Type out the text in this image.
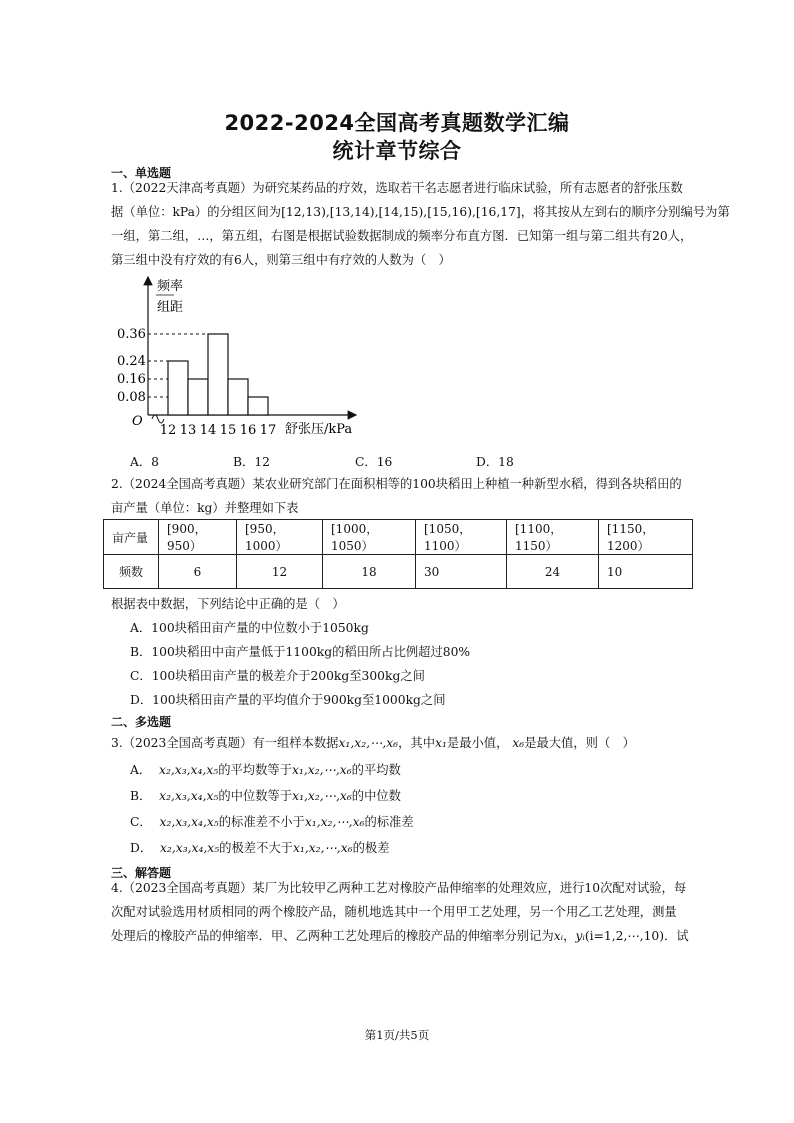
2022-2024全国高考真题数学汇编
统计章节综合
一、单选题
1.（2022天津高考真题）为研究某药品的疗效，选取若干名志愿者进行临床试验，所有志愿者的舒张压数
据（单位：kPa）的分组区间为[12,13),[13,14),[14,15),[15,16),[16,17]，将其按从左到右的顺序分别编号为第
一组，第二组，…，第五组，右图是根据试验数据制成的频率分布直方图．已知第一组与第二组共有20人，
第三组中没有疗效的有6人，则第三组中有疗效的人数为（　）
0.36
0.24
0.16
0.08
12 13 14 15 16 17
频率
组距
O
舒张压/kPa
A．8	B．12	C．16	D．18
2.（2024全国高考真题）某农业研究部门在面积相等的100块稻田上种植一种新型水稻，得到各块稻田的
亩产量（单位：kg）并整理如下表
亩产量	[900，950）	[950，1000）	[1000，1050）	[1050，1100）	[1100，1150）	[1150，1200）
频数	6	12	18	30	24	10
根据表中数据，下列结论中正确的是（　）
A．100块稻田亩产量的中位数小于1050kg
B．100块稻田中亩产量低于1100kg的稻田所占比例超过80%
C．100块稻田亩产量的极差介于200kg至300kg之间
D．100块稻田亩产量的平均值介于900kg至1000kg之间
二、多选题
3.（2023全国高考真题）有一组样本数据x₁,x₂,⋯,x₆，其中x₁是最小值， x₆是最大值，则（　）
A． x₂,x₃,x₄,x₅的平均数等于x₁,x₂,⋯,x₆的平均数
B． x₂,x₃,x₄,x₅的中位数等于x₁,x₂,⋯,x₆的中位数
C． x₂,x₃,x₄,x₅的标准差不小于x₁,x₂,⋯,x₆的标准差
D． x₂,x₃,x₄,x₅的极差不大于x₁,x₂,⋯,x₆的极差
三、解答题
4.（2023全国高考真题）某厂为比较甲乙两种工艺对橡胶产品伸缩率的处理效应，进行10次配对试验，每
次配对试验选用材质相同的两个橡胶产品，随机地选其中一个用甲工艺处理，另一个用乙工艺处理，测量
处理后的橡胶产品的伸缩率．甲、乙两种工艺处理后的橡胶产品的伸缩率分别记为xᵢ，yᵢ(i=1,2,⋯,10)．试
第1页/共5页
